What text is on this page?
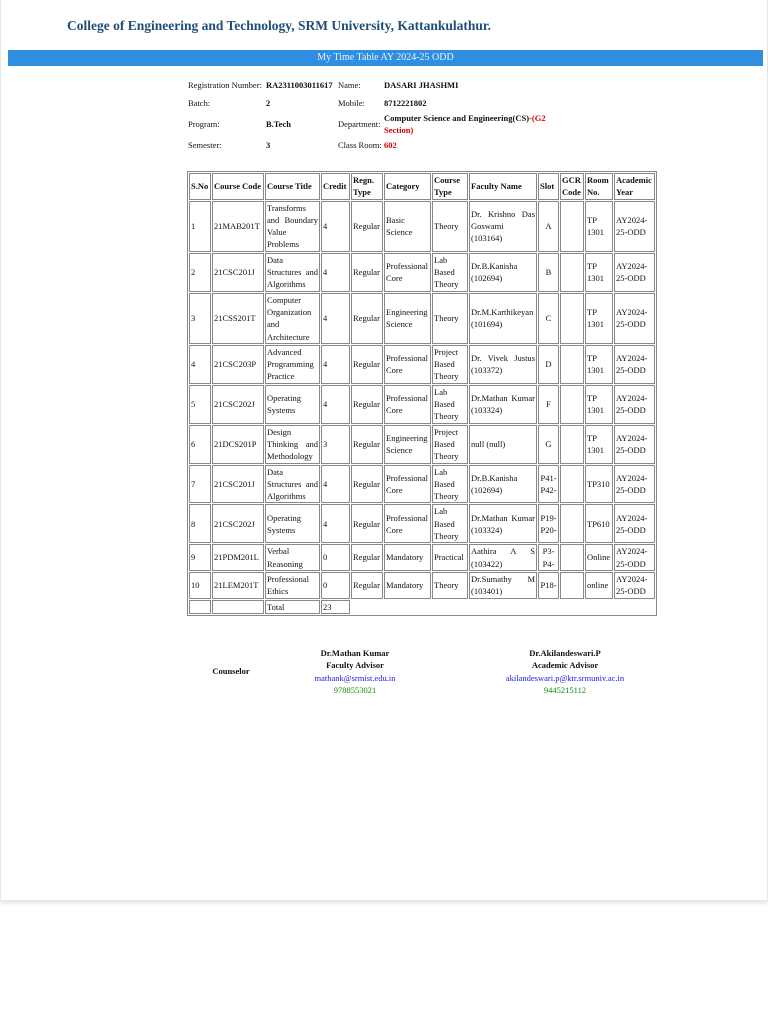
College of Engineering and Technology, SRM University, Kattankulathur.
My Time Table AY 2024-25 ODD
Registration Number:	RA2311003011617	Name:	DASARI JHASHMI
Batch:	2	Mobile:	8712221802
Program:	B.Tech	Department:	Computer Science and Engineering(CS)-(G2 Section)
Semester:	3	Class Room:	602
S.No	Course Code	Course Title	Credit	Regn. Type	Category	Course Type	Faculty Name	Slot	GCR Code	Room No.	Academic Year
1	21MAB201T	Transforms and Boundary Value Problems	4	Regular	Basic Science	Theory	Dr. Krishno Das Goswami (103164)	A		TP 1301	AY2024-25-ODD
2	21CSC201J	Data Structures and Algorithms	4	Regular	Professional Core	Lab Based Theory	Dr.B.Kanisha (102694)	B		TP 1301	AY2024-25-ODD
3	21CSS201T	Computer Organization and Architecture	4	Regular	Engineering Science	Theory	Dr.M.Karthikeyan (101694)	C		TP 1301	AY2024-25-ODD
4	21CSC203P	Advanced Programming Practice	4	Regular	Professional Core	Project Based Theory	Dr. Vivek Justus (103372)	D		TP 1301	AY2024-25-ODD
5	21CSC202J	Operating Systems	4	Regular	Professional Core	Lab Based Theory	Dr.Mathan Kumar (103324)	F		TP 1301	AY2024-25-ODD
6	21DCS201P	Design Thinking and Methodology	3	Regular	Engineering Science	Project Based Theory	null (null)	G		TP 1301	AY2024-25-ODD
7	21CSC201J	Data Structures and Algorithms	4	Regular	Professional Core	Lab Based Theory	Dr.B.Kanisha (102694)	P41-P42-		TP310	AY2024-25-ODD
8	21CSC202J	Operating Systems	4	Regular	Professional Core	Lab Based Theory	Dr.Mathan Kumar (103324)	P19-P20-		TP610	AY2024-25-ODD
9	21PDM201L	Verbal Reasoning	0	Regular	Mandatory	Practical	Aathira A S (103422)	P3-P4-		Online	AY2024-25-ODD
10	21LEM201T	Professional Ethics	0	Regular	Mandatory	Theory	Dr.Sumathy M (103401)	P18-		online	AY2024-25-ODD
		Total	23								
Counselor
Dr.Mathan Kumar
Faculty Advisor
mathank@srmist.edu.in
9788553021
Dr.Akilandeswari.P
Academic Advisor
akilandeswari.p@ktr.srmuniv.ac.in
9445215112
